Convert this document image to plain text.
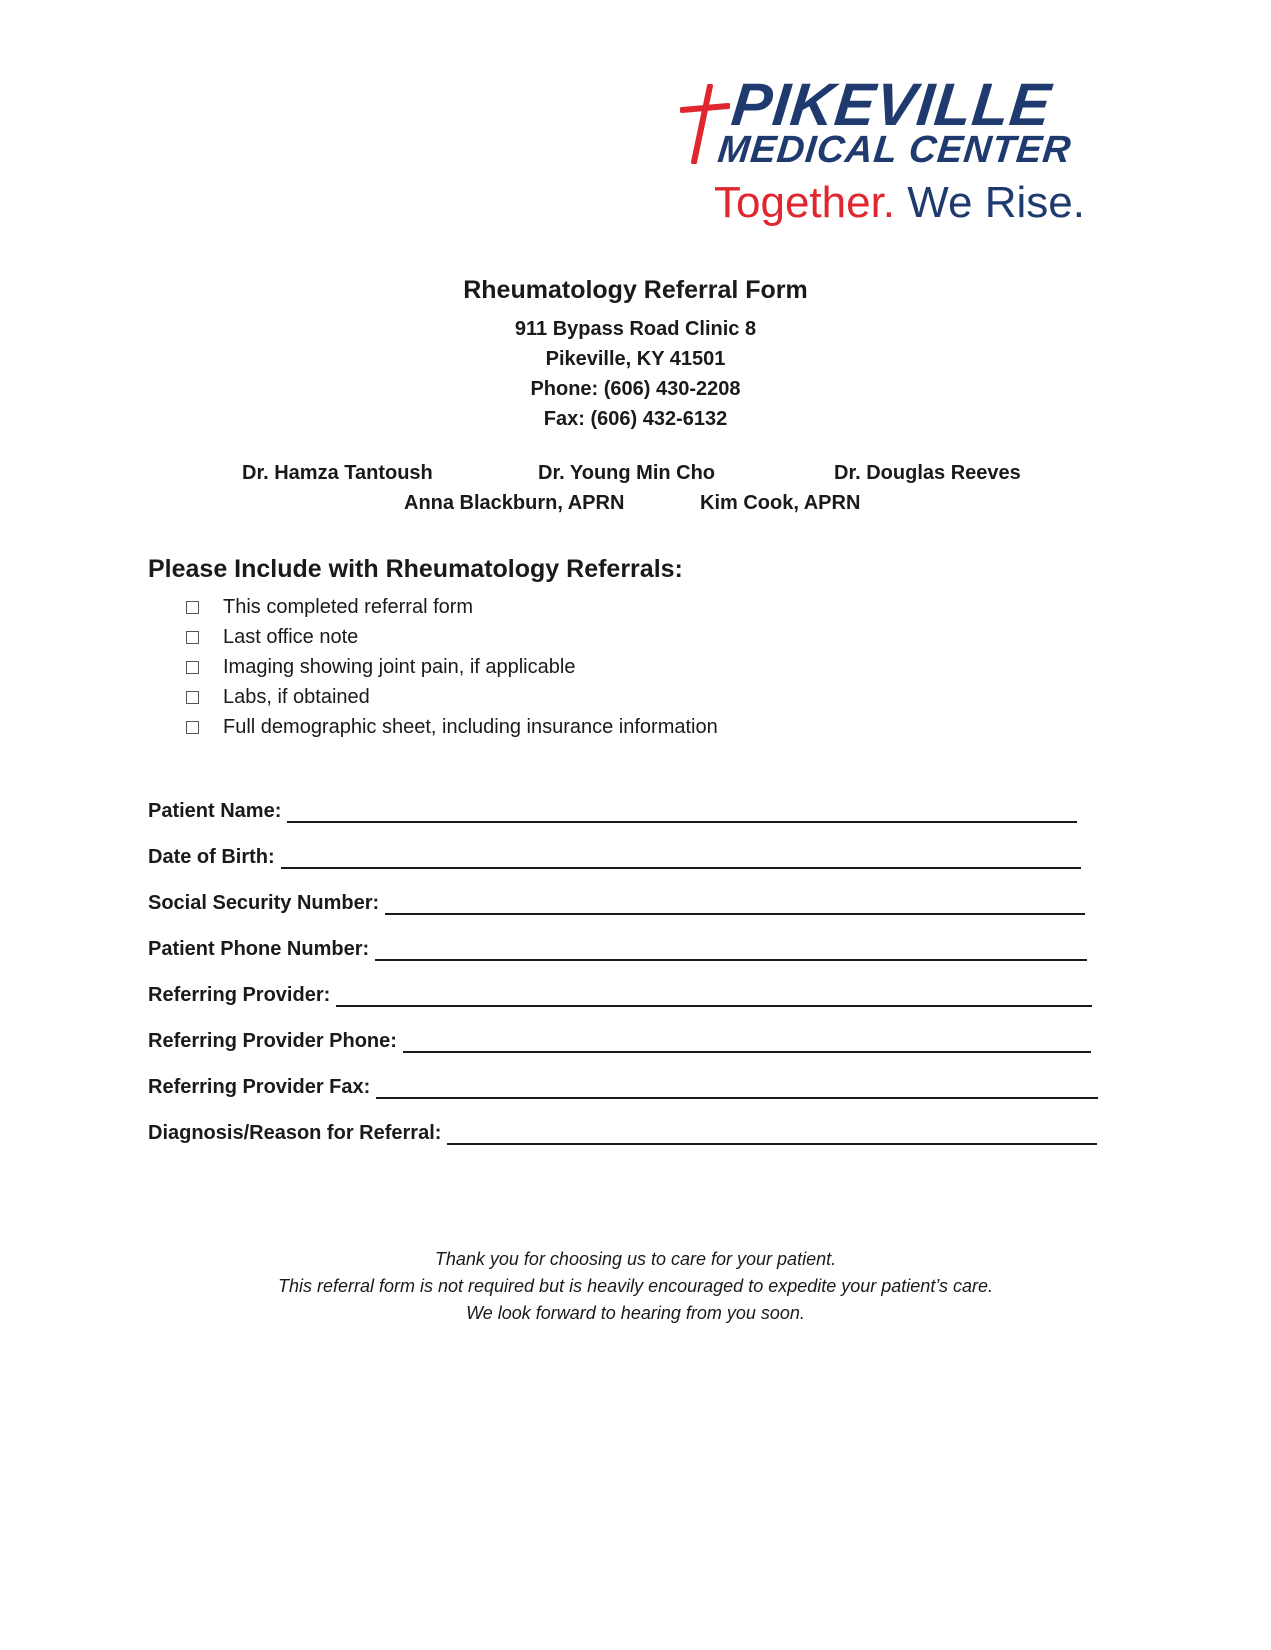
PIKEVILLE
MEDICAL CENTER
Together. We Rise.
Rheumatology Referral Form
911 Bypass Road Clinic 8
Pikeville, KY 41501
Phone: (606) 430-2208
Fax: (606) 432-6132
Dr. Hamza Tantoush	Dr. Young Min Cho	Dr. Douglas Reeves
Anna Blackburn, APRN	Kim Cook, APRN
Please Include with Rheumatology Referrals:
This completed referral form
Last office note
Imaging showing joint pain, if applicable
Labs, if obtained
Full demographic sheet, including insurance information
Patient Name:
Date of Birth:
Social Security Number:
Patient Phone Number:
Referring Provider:
Referring Provider Phone:
Referring Provider Fax:
Diagnosis/Reason for Referral:
Thank you for choosing us to care for your patient.
This referral form is not required but is heavily encouraged to expedite your patient’s care.
We look forward to hearing from you soon.
